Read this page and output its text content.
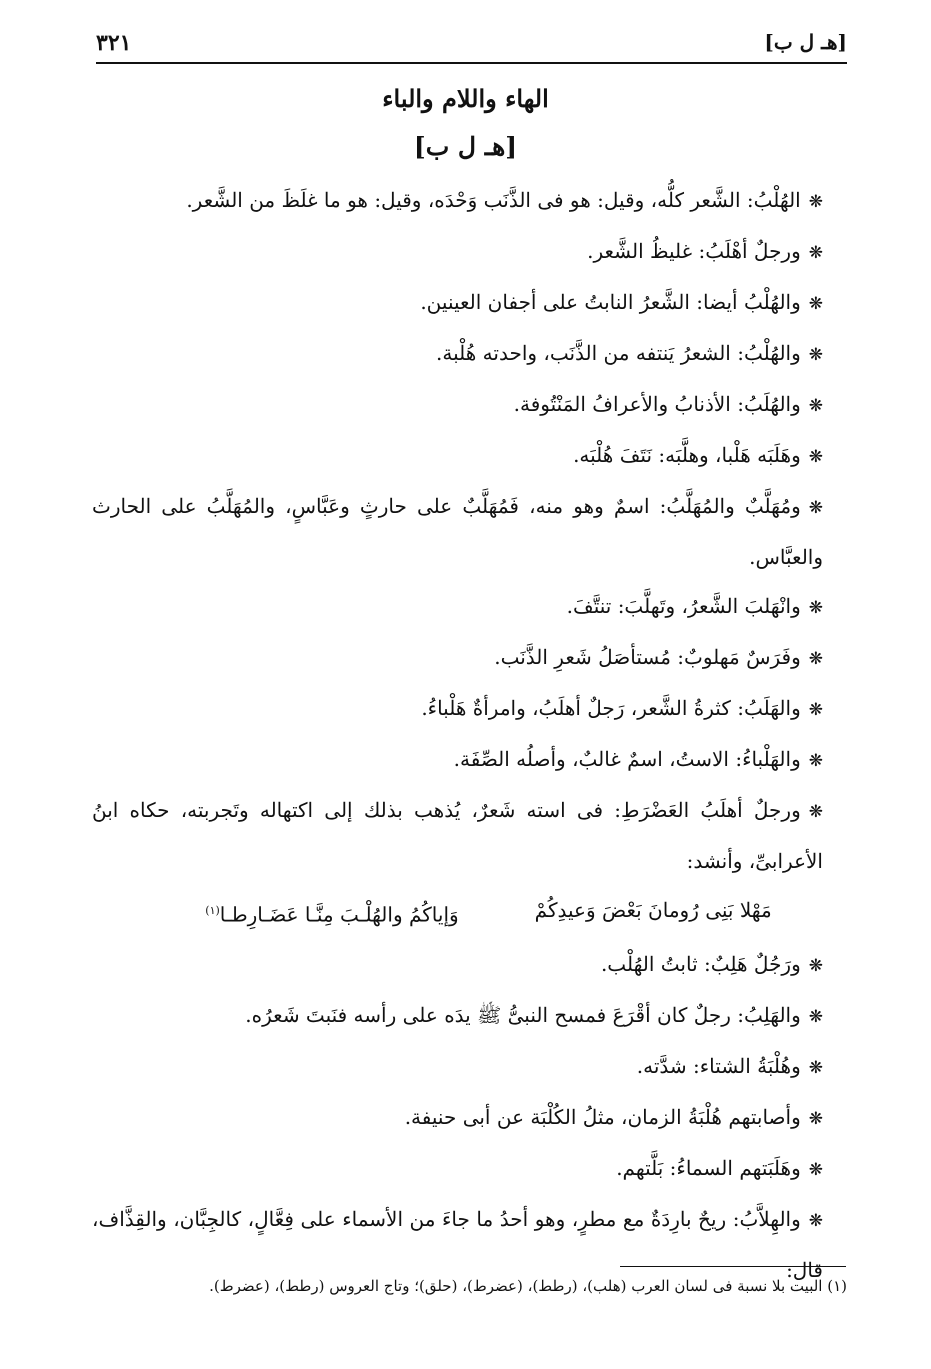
[هـ ل ب]
٣٢١
الهاء واللام والباء
[هـ ل ب]

❋الهُلْبُ: الشَّعر كلُّه، وقيل: هو فى الذَّنَب وَحْدَه، وقيل: هو ما غلَظَ من الشَّعر.

❋ورجلٌ أهْلَبُ: غليظُ الشَّعر.

❋والهُلْبُ أيضا: الشَّعرُ النابتُ على أجفان العينين.

❋والهُلْبُ: الشعرُ يَنتفه من الذَّنَب، واحدته هُلْبة.

❋والهُلَبُ: الأذنابُ والأعرافُ المَنْتُوفة.

❋وهَلَبَه هَلْبا، وهلَّبَه: نَتَفَ هُلْبَه.

❋ومُهَلَّبٌ والمُهَلَّبُ: اسمٌ وهو منه، فَمُهَلَّبٌ على حارثٍ وعَبَّاسٍ، والمُهَلَّبُ على الحارث والعبَّاس.

❋وانْهَلبَ الشَّعرُ، وتَهلَّبَ: تنتَّفَ.

❋وفَرَسٌ مَهلوبٌ: مُستأصَلُ شَعرِ الذَّنَب.

❋والهَلَبُ: كثرةُ الشَّعر، رَجلٌ أهلَبُ، وامرأةٌ هَلْباءُ.

❋والهَلْباءُ: الاستُ، اسمٌ غالبٌ، وأصلُه الصِّفَة.

❋ورجلٌ أهلَبُ العَضْرَطِ: فى استه شَعرٌ، يُذهب بذلك إلى اكتهاله وتَجربته، حكاه ابنُ الأعرابىِّ، وأنشد:

مَهْلا بَنِى رُومانَ بَعْضَ وَعيدِكُمْ
وَإياكُمُ والهُلْـبَ مِنَّـا عَضَـارِطـا$^{(١)}$

❋ورَجُلٌ هَلِبٌ: ثابتُ الهُلْب.

❋والهَلِبُ: رجلٌ كان أقْرَعَ فمسح النبىُّ ﷺ يدَه على رأسه فنَبتَ شَعرُه.

❋وهُلْبَةُ الشتاء: شدَّته.

❋وأصابتهم هُلْبَةُ الزمان، مثلُ الكُلْبَة عن أبى حنيفة.

❋وهَلَبَتهم السماءُ: بَلَّتهم.

❋والهِلاَّبُ: ريحٌ بارِدَةٌ مع مطرٍ، وهو أحدُ ما جاءَ من الأسماء على فِعَّالٍ، كالجِبَّان، والقِذَّاف، قال:

(١) البيت بلا نسبة فى لسان العرب (هلب)، (رطط)، (عضرط)، (حلق)؛ وتاج العروس (رطط)، (عضرط).
